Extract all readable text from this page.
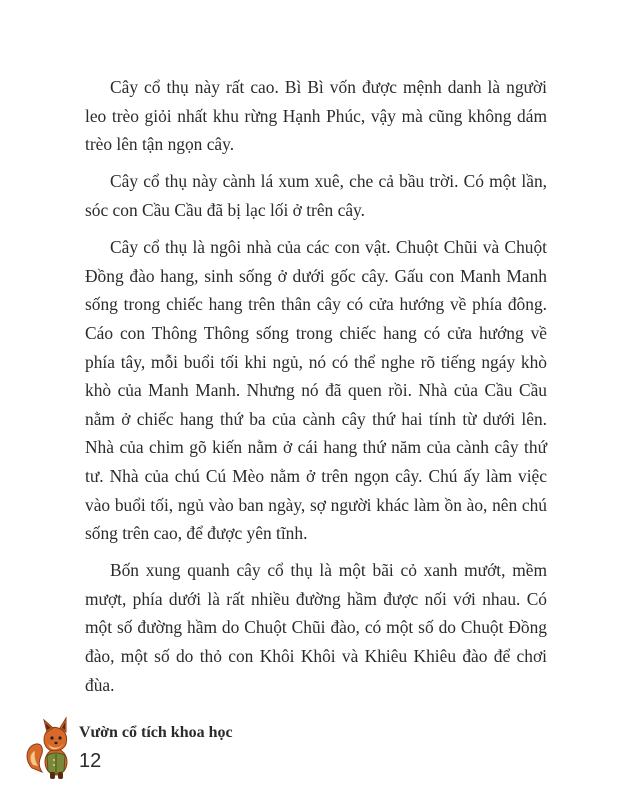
Cây cổ thụ này rất cao. Bì Bì vốn được mệnh danh là người leo trèo giỏi nhất khu rừng Hạnh Phúc, vậy mà cũng không dám trèo lên tận ngọn cây.

Cây cổ thụ này cành lá xum xuê, che cả bầu trời. Có một lần, sóc con Cầu Cầu đã bị lạc lối ở trên cây.

Cây cổ thụ là ngôi nhà của các con vật. Chuột Chũi và Chuột Đồng đào hang, sinh sống ở dưới gốc cây. Gấu con Manh Manh sống trong chiếc hang trên thân cây có cửa hướng về phía đông. Cáo con Thông Thông sống trong chiếc hang có cửa hướng về phía tây, mỗi buổi tối khi ngủ, nó có thể nghe rõ tiếng ngáy khò khò của Manh Manh. Nhưng nó đã quen rồi. Nhà của Cầu Cầu nằm ở chiếc hang thứ ba của cành cây thứ hai tính từ dưới lên. Nhà của chim gõ kiến nằm ở cái hang thứ năm của cành cây thứ tư. Nhà của chú Cú Mèo nằm ở trên ngọn cây. Chú ấy làm việc vào buổi tối, ngủ vào ban ngày, sợ người khác làm ồn ào, nên chú sống trên cao, để được yên tĩnh.

Bốn xung quanh cây cổ thụ là một bãi cỏ xanh mướt, mềm mượt, phía dưới là rất nhiều đường hầm được nối với nhau. Có một số đường hầm do Chuột Chũi đào, có một số do Chuột Đồng đào, một số do thỏ con Khôi Khôi và Khiêu Khiêu đào để chơi đùa.

Vườn cổ tích khoa học
12
